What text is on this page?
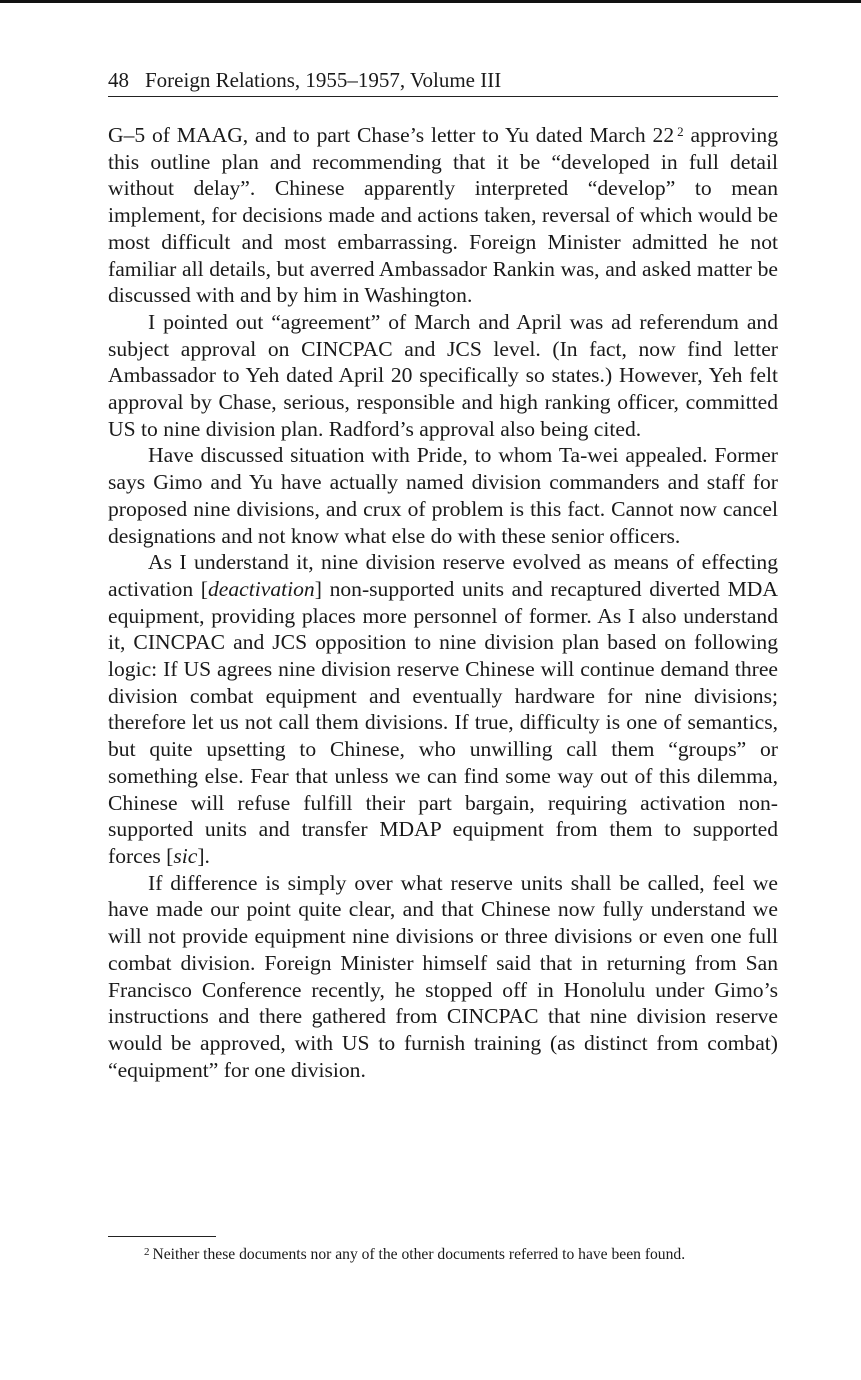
48 Foreign Relations, 1955–1957, Volume III

G–5 of MAAG, and to part Chase’s letter to Yu dated March 22 $^2$ approving this outline plan and recommending that it be “developed in full detail without delay”. Chinese apparently interpreted “develop” to mean implement, for decisions made and actions taken, reversal of which would be most difficult and most embarrassing. Foreign Minister admitted he not familiar all details, but averred Ambassador Rankin was, and asked matter be discussed with and by him in Washington.

I pointed out “agreement” of March and April was ad referendum and subject approval on CINCPAC and JCS level. (In fact, now find letter Ambassador to Yeh dated April 20 specifically so states.) However, Yeh felt approval by Chase, serious, responsible and high ranking officer, committed US to nine division plan. Radford’s approval also being cited.

Have discussed situation with Pride, to whom Ta-wei appealed. Former says Gimo and Yu have actually named division commanders and staff for proposed nine divisions, and crux of problem is this fact. Cannot now cancel designations and not know what else do with these senior officers.

As I understand it, nine division reserve evolved as means of effecting activation [deactivation] non-supported units and recaptured diverted MDA equipment, providing places more personnel of former. As I also understand it, CINCPAC and JCS opposition to nine division plan based on following logic: If US agrees nine division reserve Chinese will continue demand three division combat equipment and eventually hardware for nine divisions; therefore let us not call them divisions. If true, difficulty is one of semantics, but quite upsetting to Chinese, who unwilling call them “groups” or something else. Fear that unless we can find some way out of this dilemma, Chinese will refuse fulfill their part bargain, requiring activation non-supported units and transfer MDAP equipment from them to supported forces [sic].

If difference is simply over what reserve units shall be called, feel we have made our point quite clear, and that Chinese now fully understand we will not provide equipment nine divisions or three divisions or even one full combat division. Foreign Minister himself said that in returning from San Francisco Conference recently, he stopped off in Honolulu under Gimo’s instructions and there gathered from CINCPAC that nine division reserve would be approved, with US to furnish training (as distinct from combat) “equipment” for one division.

$^2$ Neither these documents nor any of the other documents referred to have been found.
